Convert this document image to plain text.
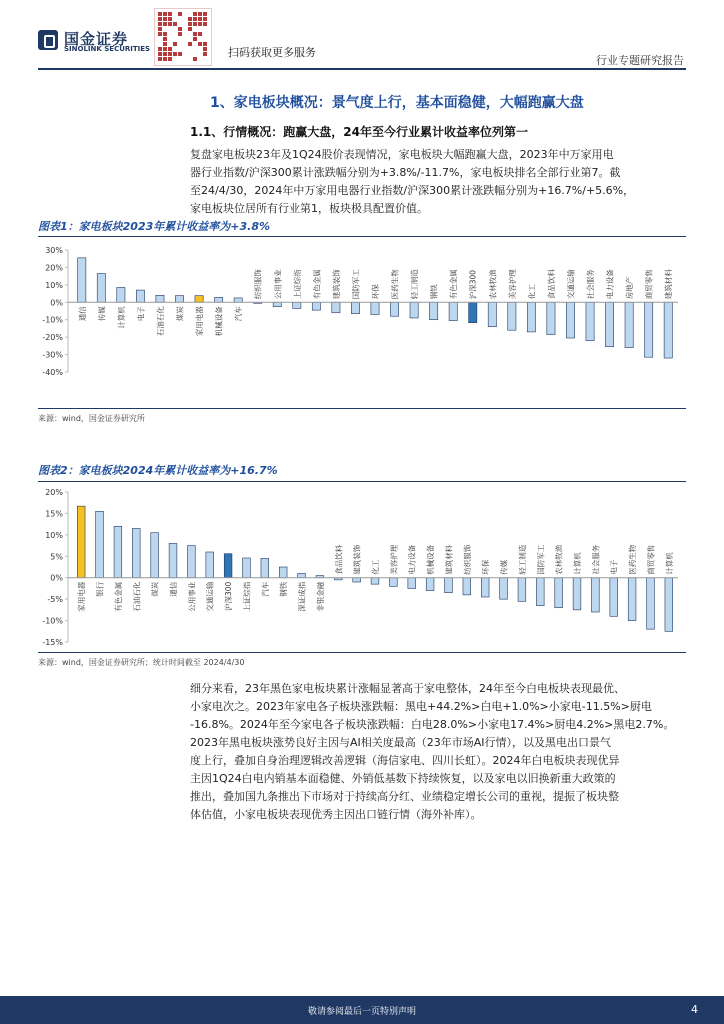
国金证券
SINOLINK SECURITIES	扫码获取更多服务
行业专题研究报告
1、家电板块概况：景气度上行，基本面稳健，大幅跑赢大盘
1.1、行情概况：跑赢大盘，24年至今行业累计收益率位列第一

复盘家电板块23年及1Q24股价表现情况，家电板块大幅跑赢大盘，2023年中万家用电

器行业指数/沪深300累计涨跌幅分别为+3.8%/-11.7%，家电板块排名全部行业第7。截

至24/4/30，2024年中万家用电器行业指数/沪深300累计涨跌幅分别为+16.7%/+5.6%，

家电板块位居所有行业第1，板块极具配置价值。

图表1：家电板块2023年累计收益率为+3.8%
30%
20%
10%
0%
-10%
-20%
-30%
-40%
通信 传媒 计算机 电子 石油石化 煤炭 家用电器 机械设备 汽车
纺织服饰 公用事业 上证综指 有色金属 建筑装饰 国防军工 环保 医药生物 轻工制造 钢铁 有色金属 沪深300 农林牧渔 美容护理 化工 食品饮料 交通运输 社会服务 电力设备 房地产 商贸零售 建筑材料
来源：wind，国金证券研究所
图表2：家电板块2024年累计收益率为+16.7%
20%
15%
10%
5%
0%
-5%
-10%
-15%
家用电器 银行 有色金属 石油石化 煤炭 通信 公用事业 交通运输 沪深300 上证综指 汽车 钢铁 深证成指 非银金融
食品饮料 建筑装饰 化工 美容护理 电力设备 机械设备 建筑材料 纺织服饰 环保 传媒 轻工制造 国防军工 农林牧渔 计算机 社会服务 电子 医药生物 商贸零售 计算机
来源：wind，国金证券研究所；统计时间截至 2024/4/30

细分来看，23年黑色家电板块累计涨幅显著高于家电整体，24年至今白电板块表现最优、

小家电次之。2023年家电各子板块涨跌幅：黑电+44.2%>白电+1.0%>小家电-11.5%>厨电

-16.8%。2024年至今家电各子板块涨跌幅：白电28.0%>小家电17.4%>厨电4.2%>黑电2.7%。

2023年黑电板块涨势良好主因与AI相关度最高（23年市场AI行情），以及黑电出口景气

度上行，叠加自身治理逻辑改善逻辑（海信家电、四川长虹）。2024年白电板块表现优异

主因1Q24白电内销基本面稳健、外销低基数下持续恢复，以及家电以旧换新重大政策的

推出，叠加国九条推出下市场对于持续高分红、业绩稳定增长公司的重视，提振了板块整

体估值，小家电板块表现优秀主因出口链行情（海外补库）。

敬请参阅最后一页特别声明	4
